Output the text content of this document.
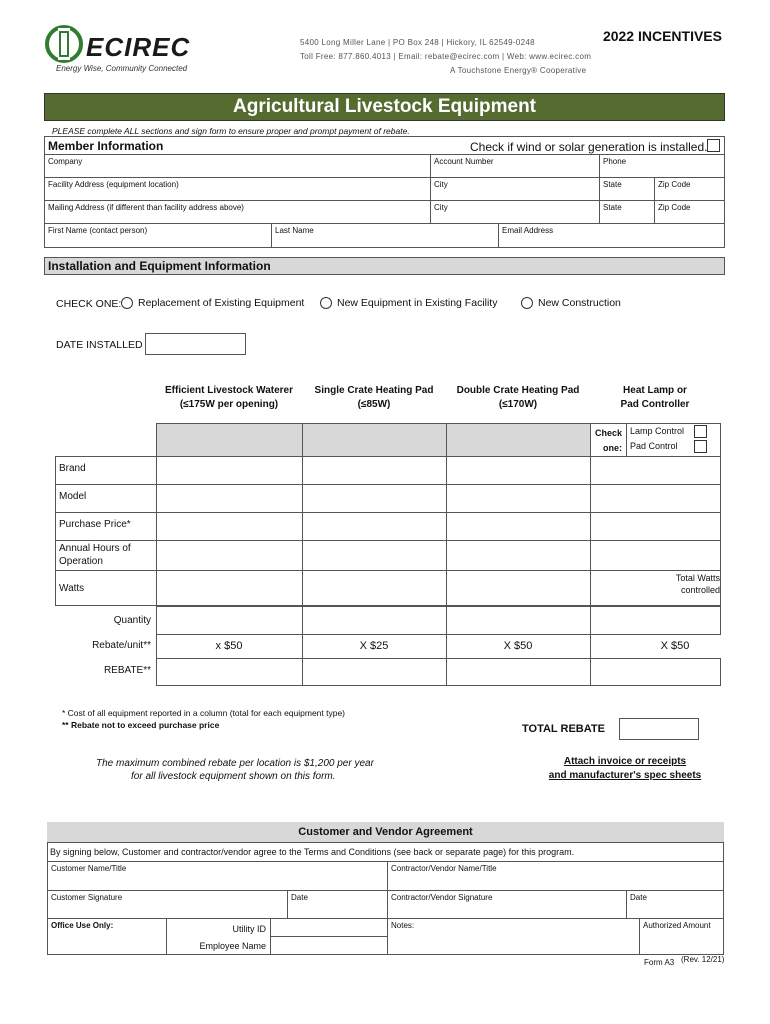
ECIREC
Energy Wise, Community Connected
5400 Long Miller Lane | PO Box 248 | Hickory, IL 62549-0248
Toll Free: 877.860.4013 | Email: rebate@ecirec.com | Web: www.ecirec.com
A Touchstone Energy® Cooperative
2022 INCENTIVES
Agricultural Livestock Equipment
PLEASE complete ALL sections and sign form to ensure proper and prompt payment of rebate.
Member Information	Check if wind or solar generation is installed.
Company	Account Number	Phone
Facility Address (equipment location)	City	State	Zip Code
Mailing Address (if different than facility address above)	City	State	Zip Code
First Name (contact person)	Last Name	Email Address
Installation and Equipment Information
CHECK ONE:	Replacement of Existing Equipment	New Equipment in Existing Facility	New Construction
DATE INSTALLED
Efficient Livestock Waterer
(≤175W per opening)
Single Crate Heating Pad
(≤85W)
Double Crate Heating Pad
(≤170W)
Heat Lamp or
Pad Controller
Check
one:
Lamp Control
Pad Control
Brand
Model
Purchase Price*
Annual Hours of Operation
Watts
Total Watts
controlled
Quantity
Rebate/unit**	x $50	X $25	X $50	X $50
REBATE**
* Cost of all equipment reported in a column (total for each equipment type)
** Rebate not to exceed purchase price	TOTAL REBATE
The maximum combined rebate per location is $1,200 per year
for all livestock equipment shown on this form.
Attach invoice or receipts
and manufacturer's spec sheets
Customer and Vendor Agreement
By signing below, Customer and contractor/vendor agree to the Terms and Conditions (see back or separate page) for this program.
Customer Name/Title	Contractor/Vendor Name/Title
Customer Signature	Date	Contractor/Vendor Signature	Date
Office Use Only:	Utility ID
Employee Name
Notes:	Authorized Amount
Form A3 (Rev. 12/21)
